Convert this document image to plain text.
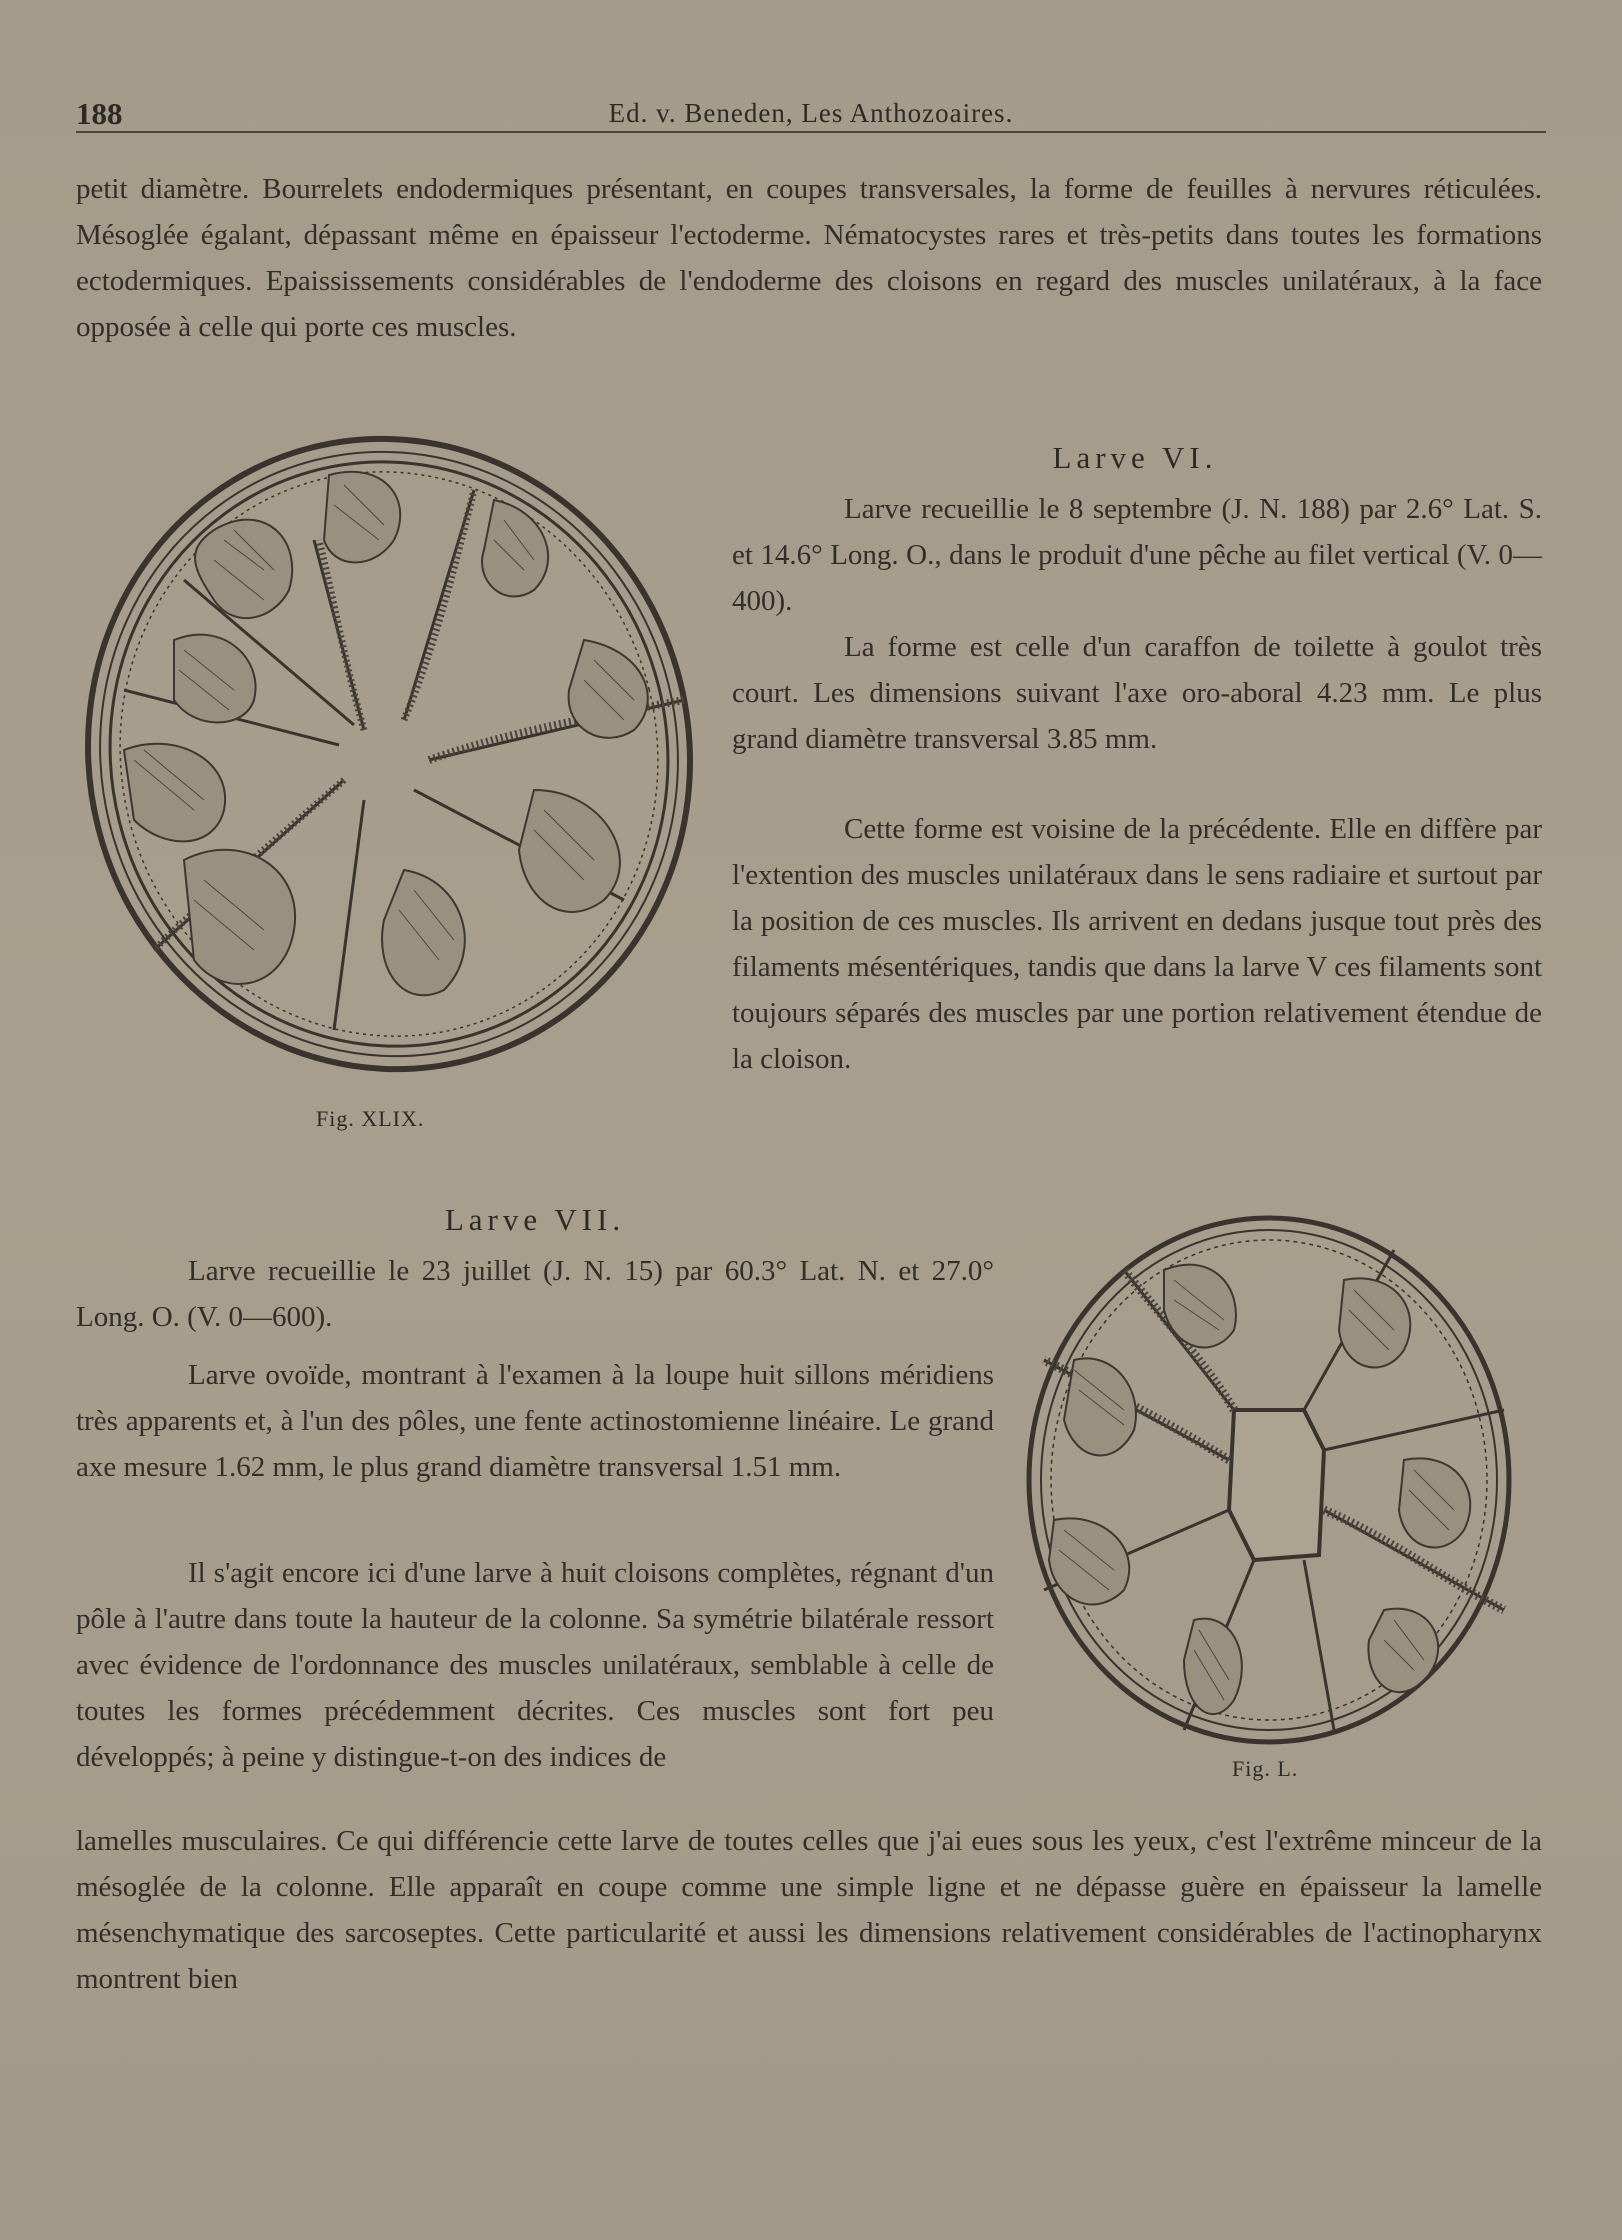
188	Ed. v. Beneden, Les Anthozoaires.

petit diamètre. Bourrelets endodermiques présentant, en coupes transversales, la forme de feuilles à nervures réticulées. Mésoglée égalant, dépassant même en épaisseur l'ectoderme. Nématocystes rares et très-petits dans toutes les formations ectodermiques. Epaississements considérables de l'endoderme des cloisons en regard des muscles unilatéraux, à la face opposée à celle qui porte ces muscles.

Fig. XLIX.
Larve VI.

Larve recueillie le 8 septembre (J. N. 188) par 2.6° Lat. S. et 14.6° Long. O., dans le produit d'une pêche au filet vertical (V. 0—400).

La forme est celle d'un caraffon de toilette à goulot très court. Les dimensions suivant l'axe oro-aboral 4.23 mm. Le plus grand diamètre transversal 3.85 mm.

Cette forme est voisine de la précédente. Elle en diffère par l'extention des muscles unilatéraux dans le sens radiaire et surtout par la position de ces muscles. Ils arrivent en dedans jusque tout près des filaments mésentériques, tandis que dans la larve V ces filaments sont toujours séparés des muscles par une portion relativement étendue de la cloison.

Larve VII.

Larve recueillie le 23 juillet (J. N. 15) par 60.3° Lat. N. et 27.0° Long. O. (V. 0—600).

Larve ovoïde, montrant à l'examen à la loupe huit sillons méridiens très apparents et, à l'un des pôles, une fente actinostomienne linéaire. Le grand axe mesure 1.62 mm, le plus grand diamètre transversal 1.51 mm.

Il s'agit encore ici d'une larve à huit cloisons complètes, régnant d'un pôle à l'autre dans toute la hauteur de la colonne. Sa symétrie bilatérale ressort avec évidence de l'ordonnance des muscles unilatéraux, semblable à celle de toutes les formes précédemment décrites. Ces muscles sont fort peu développés; à peine y distingue-t-on des indices de

lamelles musculaires. Ce qui différencie cette larve de toutes celles que j'ai eues sous les yeux, c'est l'extrême minceur de la mésoglée de la colonne. Elle apparaît en coupe comme une simple ligne et ne dépasse guère en épaisseur la lamelle mésenchymatique des sarcoseptes. Cette particularité et aussi les dimensions relativement considérables de l'actinopharynx montrent bien

Fig. L.
